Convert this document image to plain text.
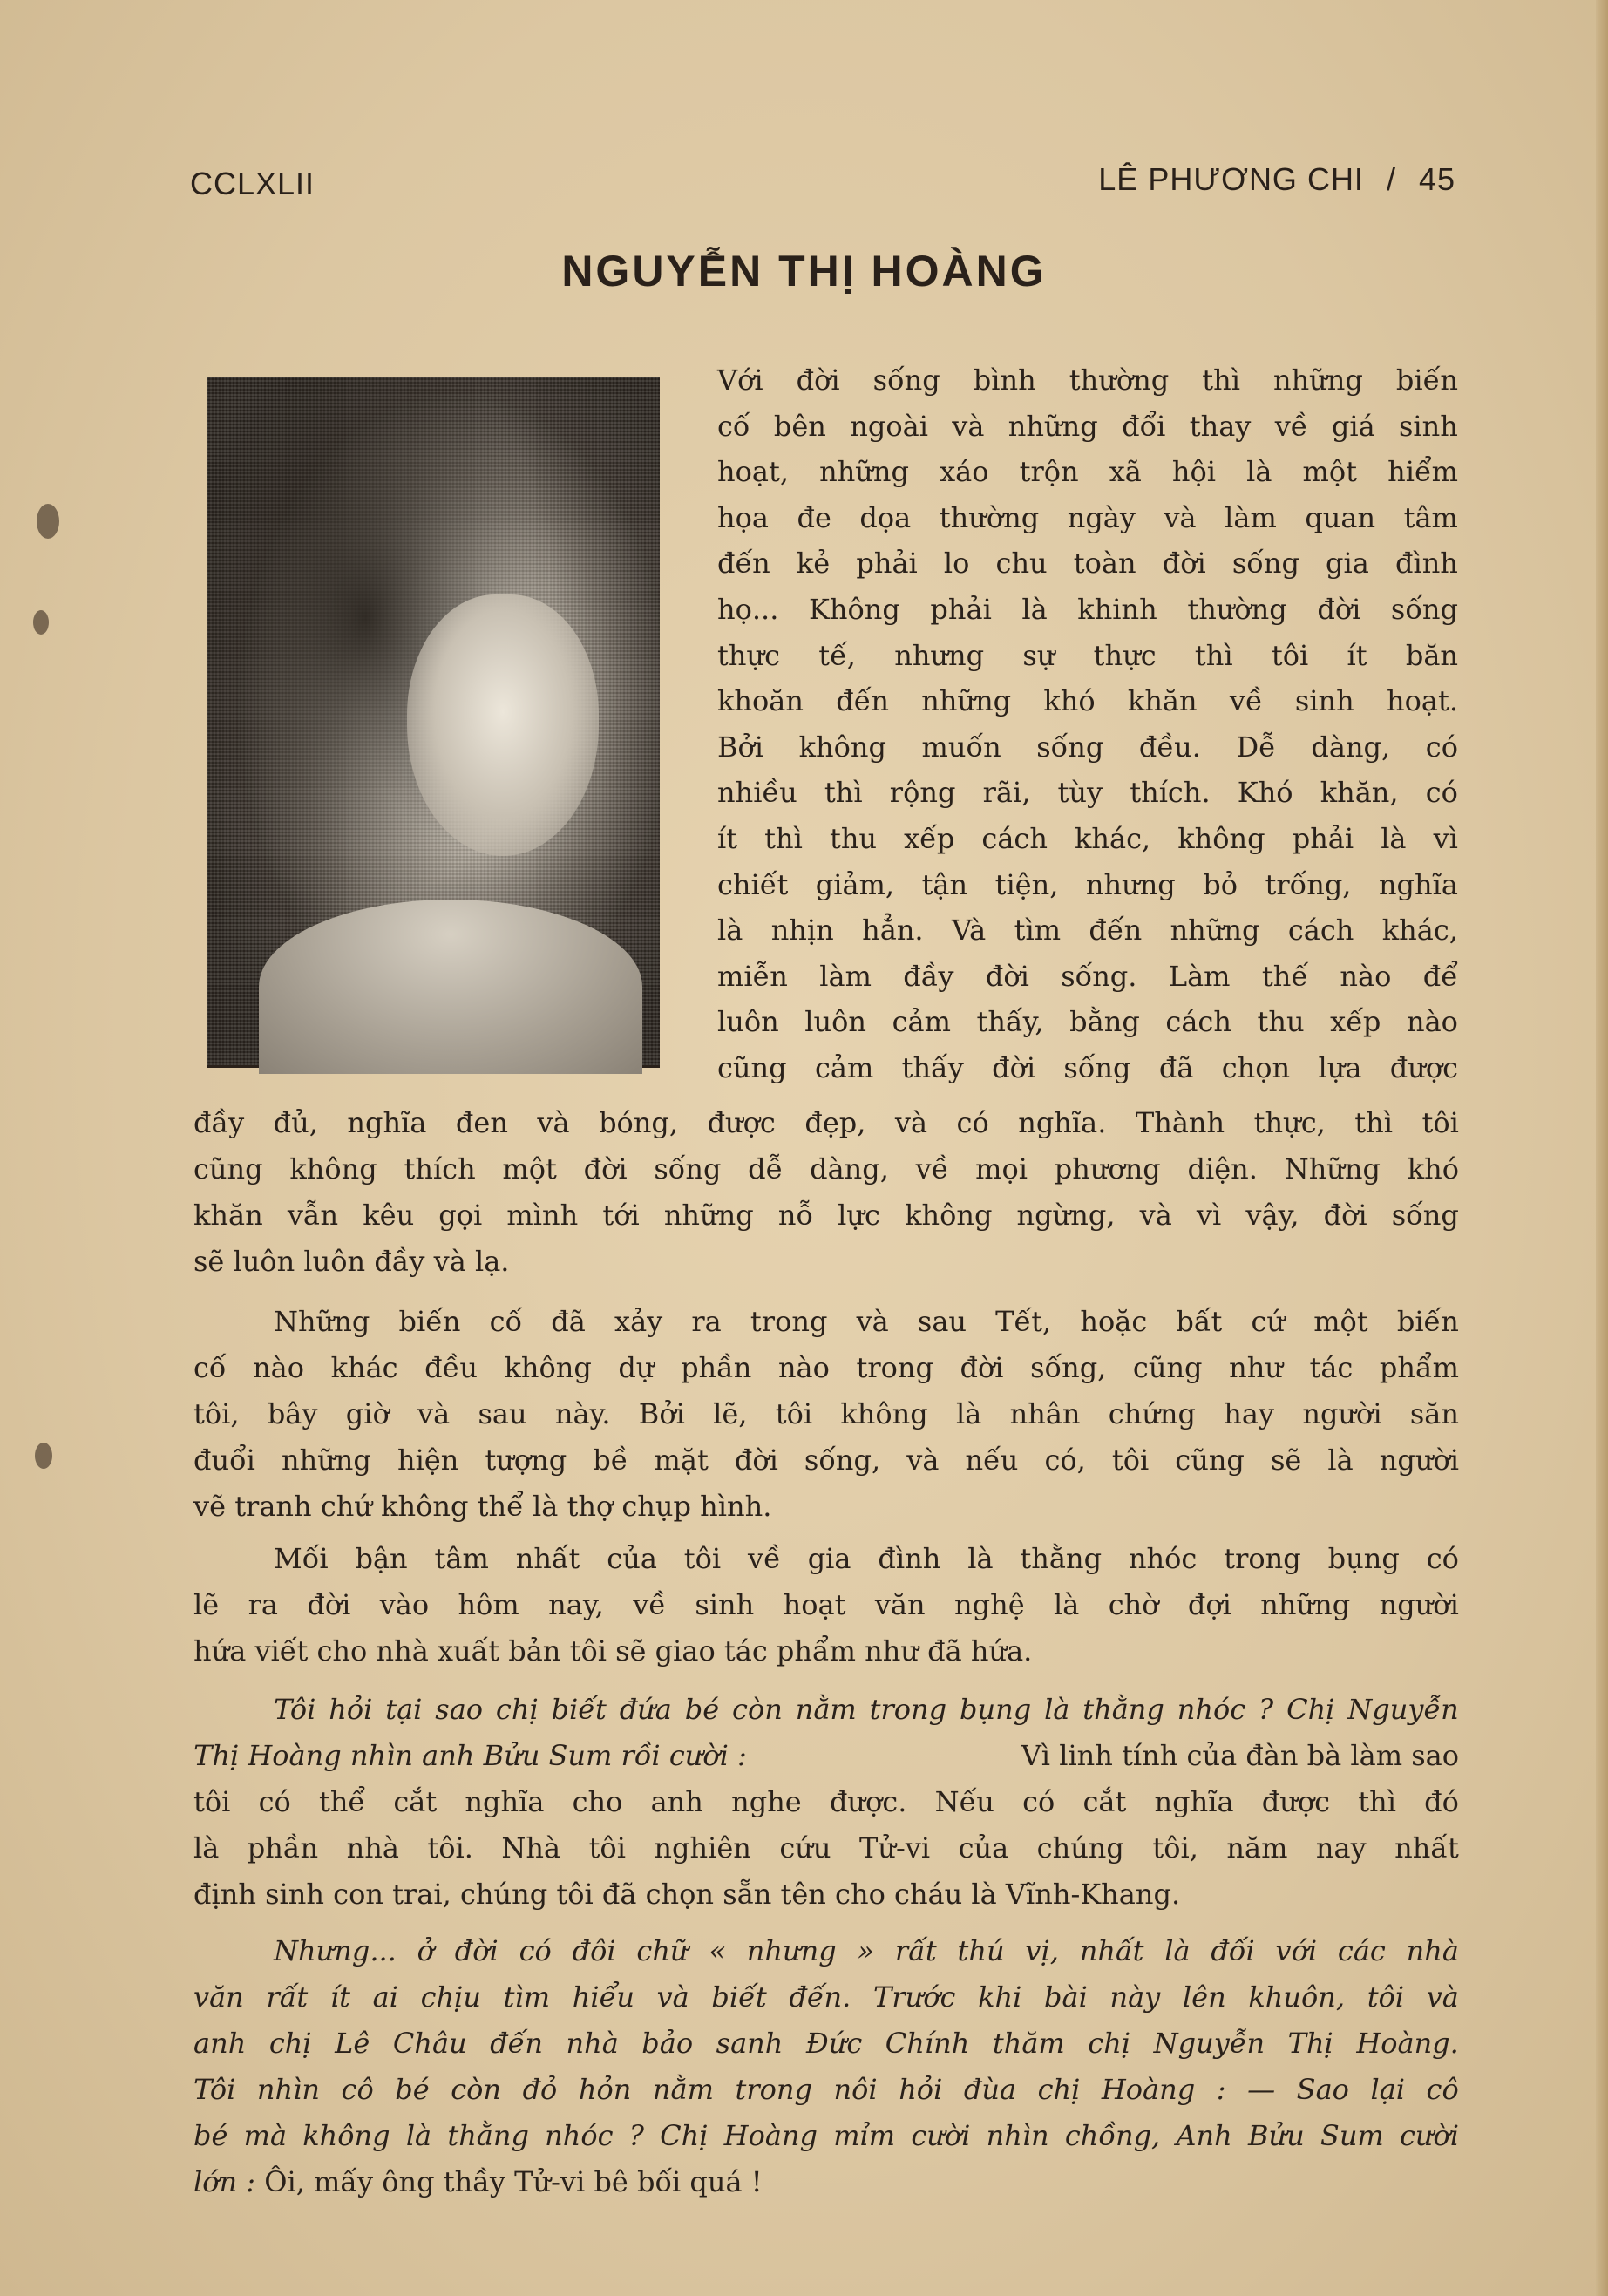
CCLXLII	LÊ PHƯƠNG CHI / 45
NGUYỄN THỊ HOÀNG
Với đời sống bình thường thì những biến
cố bên ngoài và những đổi thay về giá sinh
hoạt, những xáo trộn xã hội là một hiểm
họa đe dọa thường ngày và làm quan tâm
đến kẻ phải lo chu toàn đời sống gia đình
họ... Không phải là khinh thường đời sống
thực tế, nhưng sự thực thì tôi ít băn
khoăn đến những khó khăn về sinh hoạt.
Bởi không muốn sống đều. Dễ dàng, có
nhiều thì rộng rãi, tùy thích. Khó khăn, có
ít thì thu xếp cách khác, không phải là vì
chiết giảm, tận tiện, nhưng bỏ trống, nghĩa
là nhịn hẳn. Và tìm đến những cách khác,
miễn làm đầy đời sống. Làm thế nào để
luôn luôn cảm thấy, bằng cách thu xếp nào
cũng cảm thấy đời sống đã chọn lựa được
đầy đủ, nghĩa đen và bóng, được đẹp, và có nghĩa. Thành thực, thì tôi
cũng không thích một đời sống dễ dàng, về mọi phương diện. Những khó
khăn vẫn kêu gọi mình tới những nỗ lực không ngừng, và vì vậy, đời sống
sẽ luôn luôn đầy và lạ.
Những biến cố đã xảy ra trong và sau Tết, hoặc bất cứ một biến
cố nào khác đều không dự phần nào trong đời sống, cũng như tác phẩm
tôi, bây giờ và sau này. Bởi lẽ, tôi không là nhân chứng hay người săn
đuổi những hiện tượng bề mặt đời sống, và nếu có, tôi cũng sẽ là người
vẽ tranh chứ không thể là thợ chụp hình.
Mối bận tâm nhất của tôi về gia đình là thằng nhóc trong bụng có
lẽ ra đời vào hôm nay, về sinh hoạt văn nghệ là chờ đợi những người
hứa viết cho nhà xuất bản tôi sẽ giao tác phẩm như đã hứa.
Tôi hỏi tại sao chị biết đứa bé còn nằm trong bụng là thằng nhóc ? Chị Nguyễn
Thị Hoàng nhìn anh Bửu Sum rồi cười :	Vì linh tính của đàn bà làm sao
tôi có thể cắt nghĩa cho anh nghe được. Nếu có cắt nghĩa được thì đó
là phần nhà tôi. Nhà tôi nghiên cứu Tử-vi của chúng tôi, năm nay nhất
định sinh con trai, chúng tôi đã chọn sẵn tên cho cháu là Vĩnh-Khang.
Nhưng... ở đời có đôi chữ « nhưng » rất thú vị, nhất là đối với các nhà
văn rất ít ai chịu tìm hiểu và biết đến. Trước khi bài này lên khuôn, tôi và
anh chị Lê Châu đến nhà bảo sanh Đức Chính thăm chị Nguyễn Thị Hoàng.
Tôi nhìn cô bé còn đỏ hỏn nằm trong nôi hỏi đùa chị Hoàng : — Sao lại cô
bé mà không là thằng nhóc ? Chị Hoàng mỉm cười nhìn chồng, Anh Bửu Sum cười
lớn : Ôi, mấy ông thầy Tử-vi bê bối quá !
